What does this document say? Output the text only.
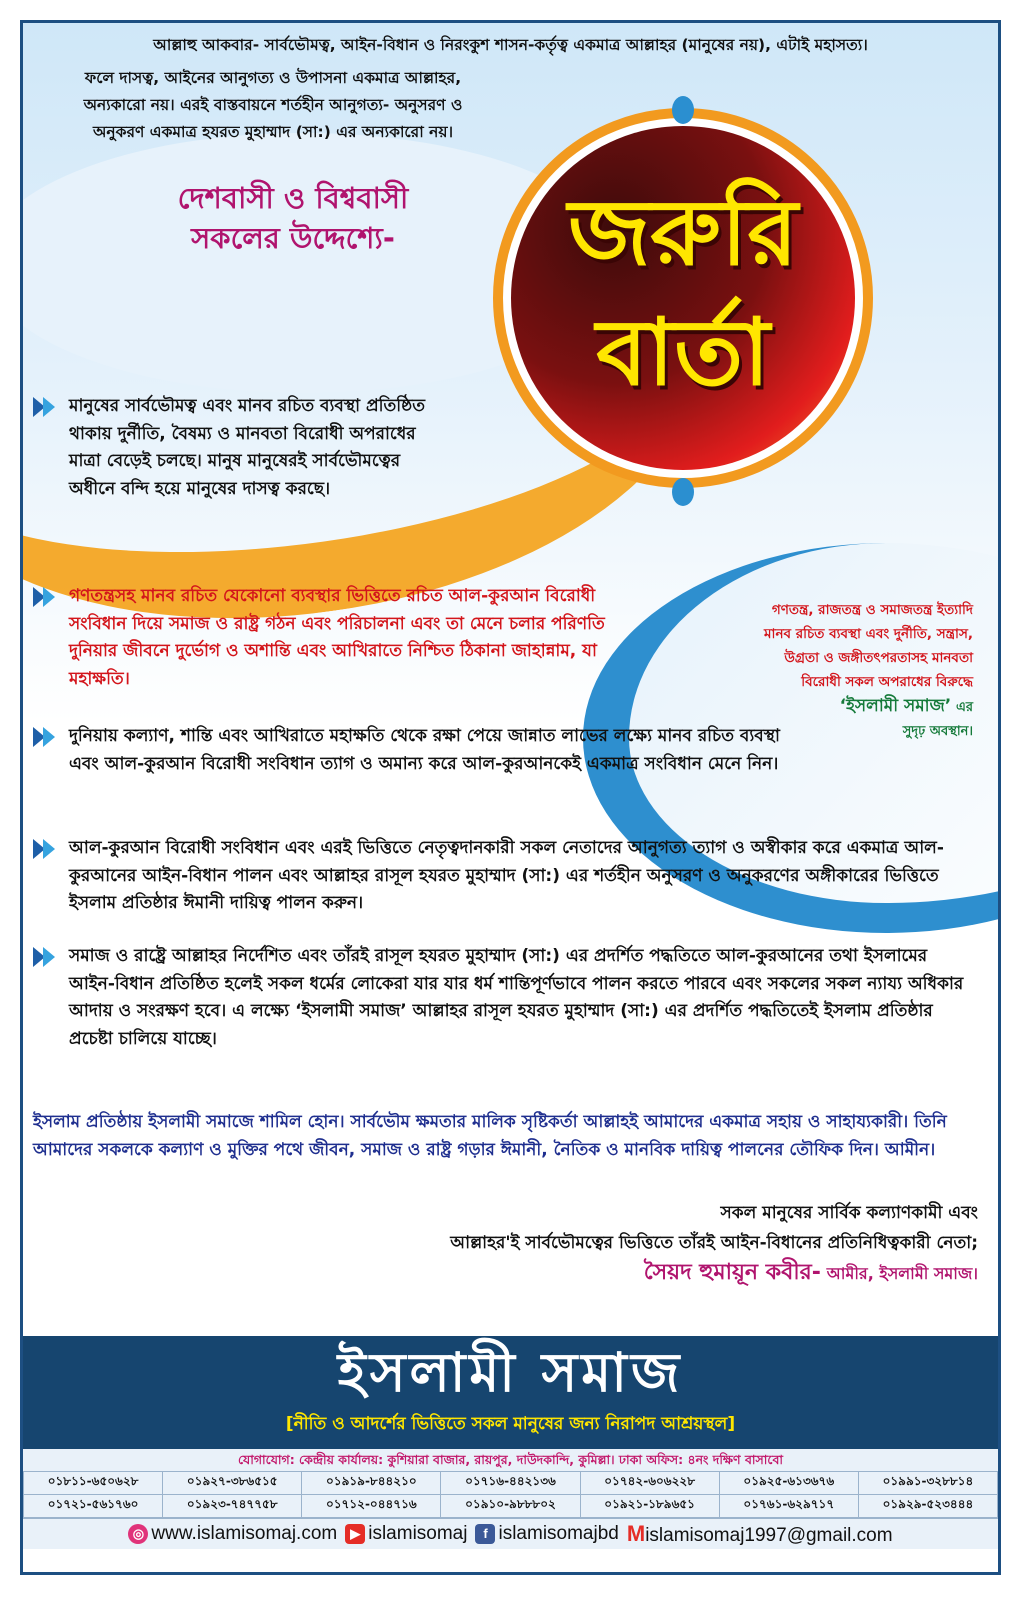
আল্লাহু আকবার- সার্বভৌমত্ব, আইন-বিধান ও নিরংকুশ শাসন-কর্তৃত্ব একমাত্র আল্লাহর (মানুষের নয়), এটাই মহাসত্য।
ফলে দাসত্ব, আইনের আনুগত্য ও উপাসনা একমাত্র আল্লাহর,
অন্যকারো নয়। এরই বাস্তবায়নে শর্তহীন আনুগত্য- অনুসরণ ও
অনুকরণ একমাত্র হযরত মুহাম্মাদ (সা:) এর অন্যকারো নয়।
দেশবাসী ও বিশ্ববাসী
সকলের উদ্দেশ্যে-	জরুরি
বার্তা
মানুষের সার্বভৌমত্ব এবং মানব রচিত ব্যবস্থা প্রতিষ্ঠিত থাকায় দুর্নীতি, বৈষম্য ও মানবতা বিরোধী অপরাধের মাত্রা বেড়েই চলছে। মানুষ মানুষেরই সার্বভৌমত্বের অধীনে বন্দি হয়ে মানুষের দাসত্ব করছে।
গণতন্ত্রসহ মানব রচিত যেকোনো ব্যবস্থার ভিত্তিতে রচিত আল-কুরআন বিরোধী সংবিধান দিয়ে সমাজ ও রাষ্ট্র গঠন এবং পরিচালনা এবং তা মেনে চলার পরিণতি দুনিয়ার জীবনে দুর্ভোগ ও অশান্তি এবং আখিরাতে নিশ্চিত ঠিকানা জাহান্নাম, যা মহাক্ষতি।
গণতন্ত্র, রাজতন্ত্র ও সমাজতন্ত্র ইত্যাদি
মানব রচিত ব্যবস্থা এবং দুর্নীতি, সন্ত্রাস,
উগ্রতা ও জঙ্গীতৎপরতাসহ মানবতা
বিরোধী সকল অপরাধের বিরুদ্ধে
‘ইসলামী সমাজ’ এর
সুদৃঢ় অবস্থান।
দুনিয়ায় কল্যাণ, শান্তি এবং আখিরাতে মহাক্ষতি থেকে রক্ষা পেয়ে জান্নাত লাভের লক্ষ্যে মানব রচিত ব্যবস্থা এবং আল-কুরআন বিরোধী সংবিধান ত্যাগ ও অমান্য করে আল-কুরআনকেই একমাত্র সংবিধান মেনে নিন।
আল-কুরআন বিরোধী সংবিধান এবং এরই ভিত্তিতে নেতৃত্বদানকারী সকল নেতাদের আনুগত্য ত্যাগ ও অস্বীকার করে একমাত্র আল-কুরআনের আইন-বিধান পালন এবং আল্লাহর রাসূল হযরত মুহাম্মাদ (সা:) এর শর্তহীন অনুসরণ ও অনুকরণের অঙ্গীকারের ভিত্তিতে ইসলাম প্রতিষ্ঠার ঈমানী দায়িত্ব পালন করুন।
সমাজ ও রাষ্ট্রে আল্লাহর নির্দেশিত এবং তাঁরই রাসূল হযরত মুহাম্মাদ (সা:) এর প্রদর্শিত পদ্ধতিতে আল-কুরআনের তথা ইসলামের আইন-বিধান প্রতিষ্ঠিত হলেই সকল ধর্মের লোকেরা যার যার ধর্ম শান্তিপূর্ণভাবে পালন করতে পারবে এবং সকলের সকল ন্যায্য অধিকার আদায় ও সংরক্ষণ হবে। এ লক্ষ্যে ‘ইসলামী সমাজ’ আল্লাহর রাসূল হযরত মুহাম্মাদ (সা:) এর প্রদর্শিত পদ্ধতিতেই ইসলাম প্রতিষ্ঠার প্রচেষ্টা চালিয়ে যাচ্ছে।
ইসলাম প্রতিষ্ঠায় ইসলামী সমাজে শামিল হোন। সার্বভৌম ক্ষমতার মালিক সৃষ্টিকর্তা আল্লাহই আমাদের একমাত্র সহায় ও সাহায্যকারী। তিনি আমাদের সকলকে কল্যাণ ও মুক্তির পথে জীবন, সমাজ ও রাষ্ট্র গড়ার ঈমানী, নৈতিক ও মানবিক দায়িত্ব পালনের তৌফিক দিন। আমীন।
সকল মানুষের সার্বিক কল্যাণকামী এবং
আল্লাহর'ই সার্বভৌমত্বের ভিত্তিতে তাঁরই আইন-বিধানের প্রতিনিধিত্বকারী নেতা;
সৈয়দ হুমায়ূন কবীর- আমীর, ইসলামী সমাজ।
ইসলামী সমাজ
[নীতি ও আদর্শের ভিত্তিতে সকল মানুষের জন্য নিরাপদ আশ্রয়স্থল]
যোগাযোগ: কেন্দ্রীয় কার্যালয়: কুশিয়ারা বাজার, রায়পুর, দাউদকান্দি, কুমিল্লা। ঢাকা অফিস: ৪নং দক্ষিণ বাসাবো
০১৮১১-৬৫০৬২৮	০১৯২৭-৩৮৬৫১৫	০১৯১৯-৮৪৪২১০	০১৭১৬-৪৪২১৩৬	০১৭৪২-৬০৬২২৮	০১৯২৫-৬১৩৬৭৬	০১৯৯১-৩২৮৮১৪
০১৭২১-৫৬১৭৬০	০১৯২৩-৭৪৭৭৫৮	০১৭১২-০৪৪৭১৬	০১৯১০-৯৮৮৮০২	০১৯২১-১৮৯৬৫১	০১৭৬১-৬২৯৭১৭	০১৯২৯-৫২৩৪৪৪
◎ www.islamisomaj.com	▶ islamisomaj	f islamisomajbd Mislamisomaj1997@gmail.com
